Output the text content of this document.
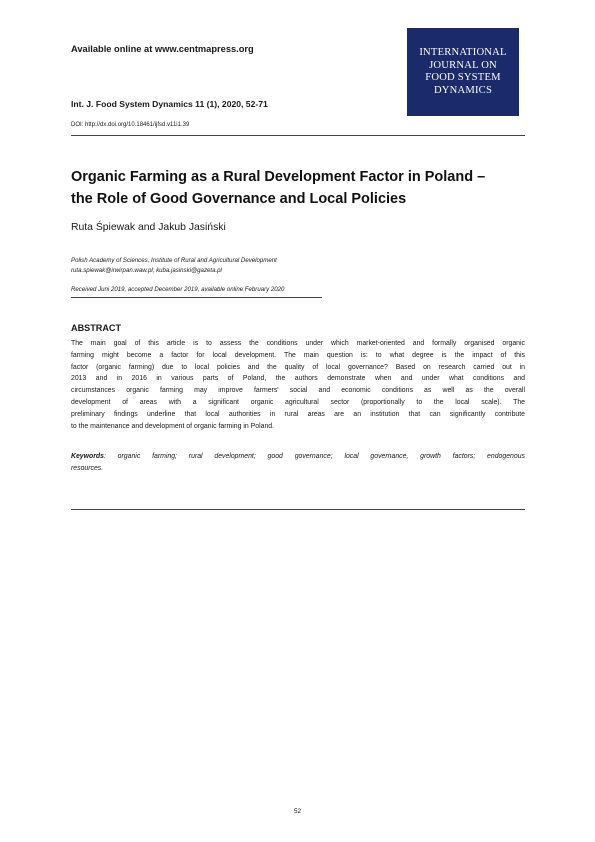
Available online at www.centmapress.org
Int. J. Food System Dynamics 11 (1), 2020, 52-71
DOI: http://dx.doi.org/10.18461/ijfsd.v11i1.39
INTERNATIONAL
JOURNAL ON
FOOD SYSTEM
DYNAMICS
Organic Farming as a Rural Development Factor in Poland –
the Role of Good Governance and Local Policies
Ruta Śpiewak and Jakub Jasiński
Polish Academy of Sciences, Institute of Rural and Agricultural Development
ruta.spiewak@irwirpan.waw.pl; kuba.jasinski@gazeta.pl
Received Juni 2019, accepted December 2019, available online February 2020
ABSTRACT
The main goal of this article is to assess the conditions under which market-oriented and formally organised organic
farming might become a factor for local development. The main question is: to what degree is the impact of this
factor (organic farming) due to local policies and the quality of local governance? Based on research carried out in
2013 and in 2016 in various parts of Poland, the authors demonstrate when and under what conditions and
circumstances organic farming may improve farmers' social and economic conditions as well as the overall
development of areas with a significant organic agricultural sector (proportionally to the local scale). The
preliminary findings underline that local authorities in rural areas are an institution that can significantly contribute
to the maintenance and development of organic farming in Poland.
Keywords: organic farming; rural development; good governance; local governance, growth factors; endogenous
resources.
52
